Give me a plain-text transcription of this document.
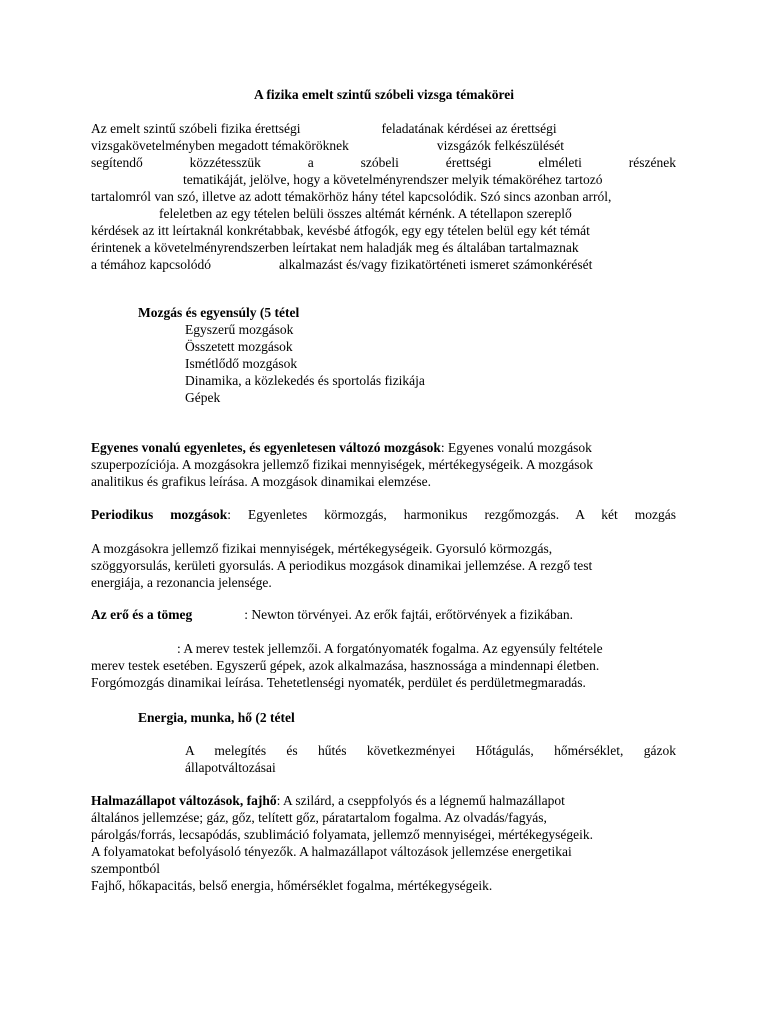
A fizika emelt szintű szóbeli vizsga témakörei
Az emelt szintű szóbeli fizika érettségi	feladatának kérdései az érettségi
vizsgakövetelményben megadott témaköröknek	vizsgázók felkészülését
segítendő közzétesszük a szóbeli érettségi elméleti részének
tematikáját, jelölve, hogy a követelményrendszer melyik témaköréhez tartozó
tartalomról van szó, illetve az adott témakörhöz hány tétel kapcsolódik. Szó sincs azonban arról,
feleletben az egy tételen belüli összes altémát kérnénk. A tétellapon szereplő
kérdések az itt leírtaknál konkrétabbak, kevésbé átfogók, egy egy tételen belül egy két témát
érintenek a követelményrendszerben leírtakat nem haladják meg és általában tartalmaznak
a témához kapcsolódó	alkalmazást és/vagy fizikatörténeti ismeret számonkérését
Mozgás és egyensúly (5 tétel
Egyszerű mozgások
Összetett mozgások
Ismétlődő mozgások
Dinamika, a közlekedés és sportolás fizikája
Gépek
Egyenes vonalú egyenletes, és egyenletesen változó mozgások: Egyenes vonalú mozgások
szuperpozíciója. A mozgásokra jellemző fizikai mennyiségek, mértékegységeik. A mozgások
analitikus és grafikus leírása. A mozgások dinamikai elemzése.
Periodikus mozgások: Egyenletes körmozgás, harmonikus rezgőmozgás. A két mozgás
A mozgásokra jellemző fizikai mennyiségek, mértékegységeik. Gyorsuló körmozgás,
szöggyorsulás, kerületi gyorsulás. A periodikus mozgások dinamikai jellemzése. A rezgő test
energiája, a rezonancia jelensége.
Az erő és a tömeg	: Newton törvényei. Az erők fajtái, erőtörvények a fizikában.
: A merev testek jellemzői. A forgatónyomaték fogalma. Az egyensúly feltétele
merev testek esetében. Egyszerű gépek, azok alkalmazása, hasznossága a mindennapi életben.
Forgómozgás dinamikai leírása. Tehetetlenségi nyomaték, perdület és perdületmegmaradás.
Energia, munka, hő (2 tétel
A melegítés és hűtés következményei Hőtágulás, hőmérséklet, gázok
állapotváltozásai
Halmazállapot változások, fajhő: A szilárd, a cseppfolyós és a légnemű halmazállapot
általános jellemzése; gáz, gőz, telített gőz, páratartalom fogalma. Az olvadás/fagyás,
párolgás/forrás, lecsapódás, szublimáció folyamata, jellemző mennyiségei, mértékegységeik.
A folyamatokat befolyásoló tényezők. A halmazállapot változások jellemzése energetikai
szempontból
Fajhő, hőkapacitás, belső energia, hőmérséklet fogalma, mértékegységeik.
